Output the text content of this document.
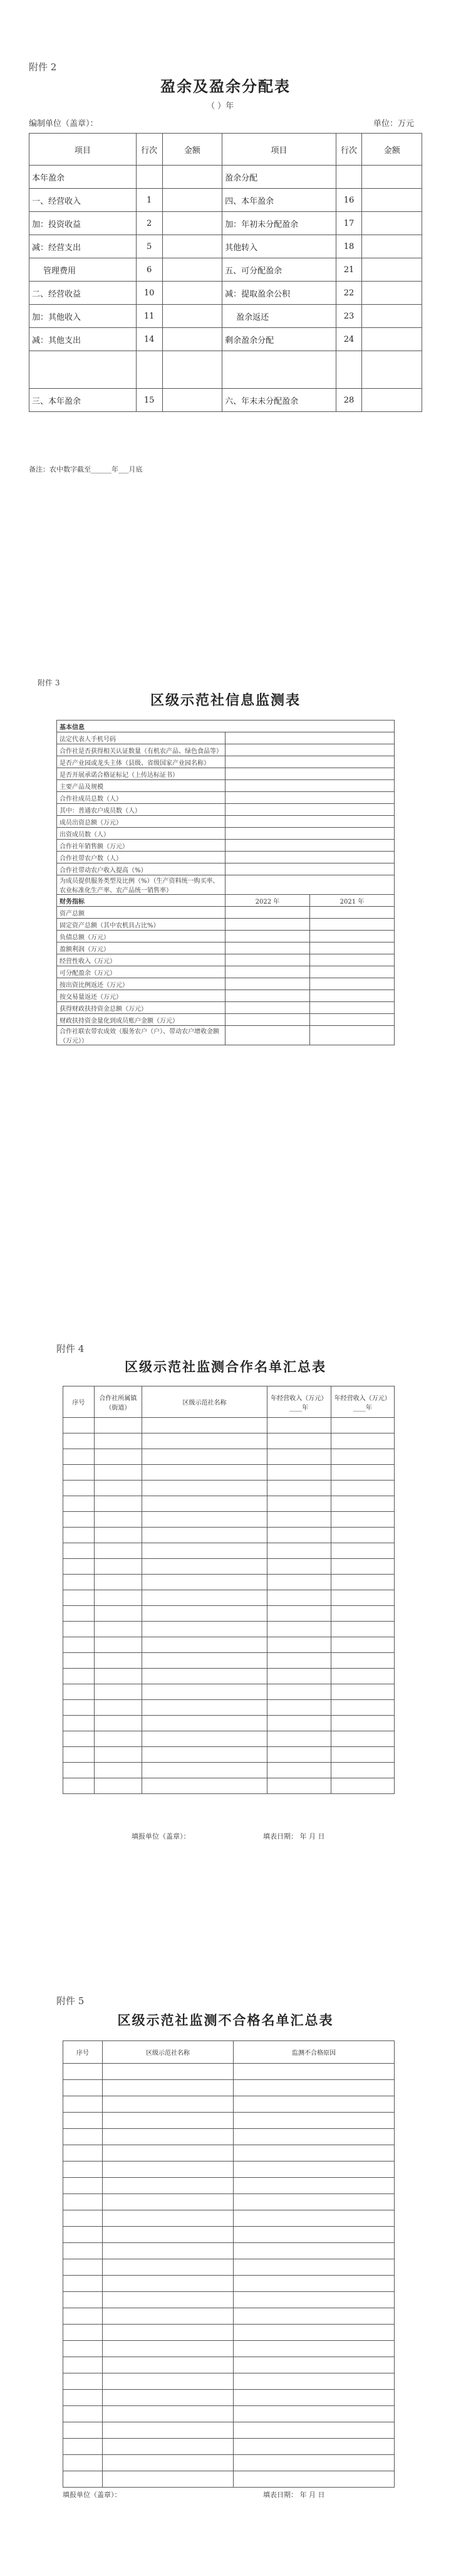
附件 2
盈余及盈余分配表
（ ）年
编制单位（盖章）：	单位：万元
项目	行次	金额	项目	行次	金额
本年盈余			盈余分配		
一、经营收入	1		四、本年盈余	16	
加：投资收益	2		加：年初未分配盈余	17	
减：经营支出	5		其他转入	18	
管理费用	6		五、可分配盈余	21	
二、经营收益	10		减：提取盈余公积	22	
加：其他收入	11		盈余返还	23	
减：其他支出	14		剩余盈余分配	24	

三、本年盈余	15		六、年末未分配盈余	28	
备注：农中数字截至______年___月底
附件 3
区级示范社信息监测表
基本信息		
法定代表人手机号码		
合作社是否获得相关认证数量（有机农产品、绿色食品等）		
是否产业园或龙头主体（县级、省级国家产业园名称）		
是否开展承诺合格证标记（上传达标证书）		
主要产品及规模		
合作社成员总数（人）		
其中：普通农户成员数（人）		
成员出资总额（万元）		
出资成员数（人）		
合作社年销售额（万元）		
合作社带农户数（人）		
合作社带动农户收入提高（%）		
为成员提供服务类型及比例（%）（生产资料统一购买率、农业标准化生产率、农产品统一销售率）		
财务指标	2022 年	2021 年
资产总额		
固定资产总额（其中农机具占比%）		
负债总额（万元）		
盈额利润（万元）		
经营性收入（万元）		
可分配盈余（万元）		
按出资比例返还（万元）		
按交易量返还（万元）		
获得财政扶持资金总额（万元）		
财政扶持资金量化到成员账户金额（万元）		
合作社联农带农成效（服务农户（户）、带动农户增收金额（万元））		
附件 4
区级示范社监测合作名单汇总表
序号	合作社所属镇（街道）	区级示范社名称	年经营收入（万元）____年	年经营收入（万元）____年

填报单位（盖章）：	填表日期： 年 月 日
附件 5
区级示范社监测不合格名单汇总表
序号	区级示范社名称	监测不合格原因

填报单位（盖章）：	填表日期： 年 月 日
